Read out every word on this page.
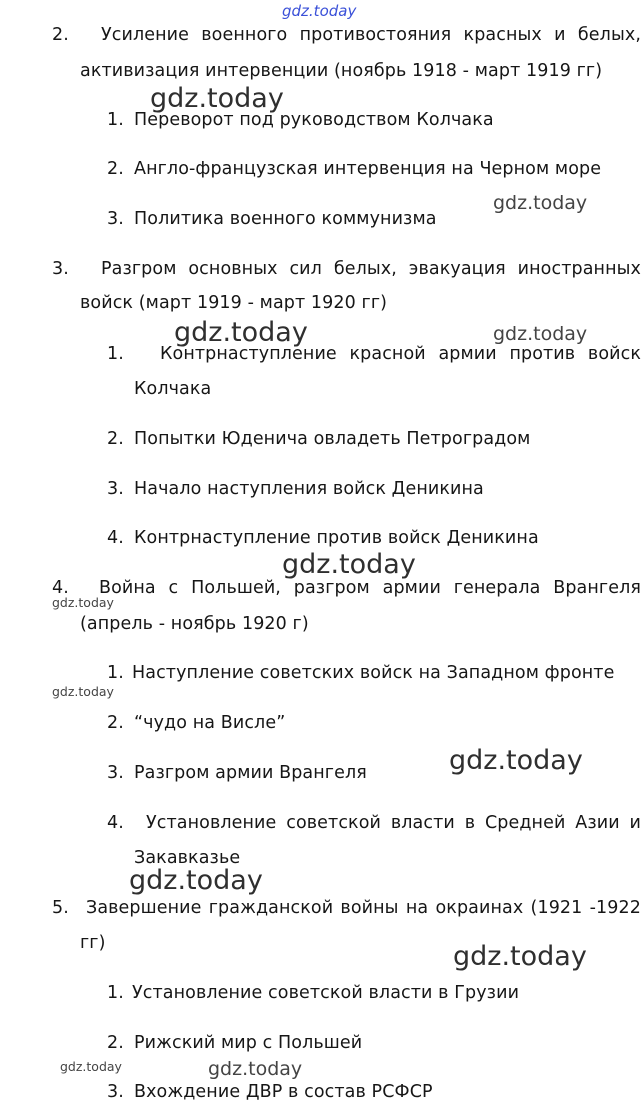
2. Усиление военного противостояния красных и белых,
активизация интервенции (ноябрь 1918 - март 1919 гг)
1. Переворот под руководством Колчака
2. Англо-французская интервенция на Черном море
3. Политика военного коммунизма
3. Разгром основных сил белых, эвакуация иностранных
войск (март 1919 - март 1920 гг)
1. Контрнаступление красной армии против войск
Колчака
2. Попытки Юденича овладеть Петроградом
3. Начало наступления войск Деникина
4. Контрнаступление против войск Деникина
4. Война с Польшей, разгром армии генерала Врангеля
(апрель - ноябрь 1920 г)
1. Наступление советских войск на Западном фронте
2. “чудо на Висле”
3. Разгром армии Врангеля
4. Установление советской власти в Средней Азии и
Закавказье
5. Завершение гражданской войны на окраинах (1921 -1922
гг)
1. Установление советской власти в Грузии
2. Рижский мир с Польшей
3. Вхождение ДВР в состав РСФСР
gdz.today
gdz.today
gdz.today
gdz.today	gdz.today
gdz.today
gdz.today
gdz.today
gdz.today
gdz.today
gdz.today
gdz.today	gdz.today
